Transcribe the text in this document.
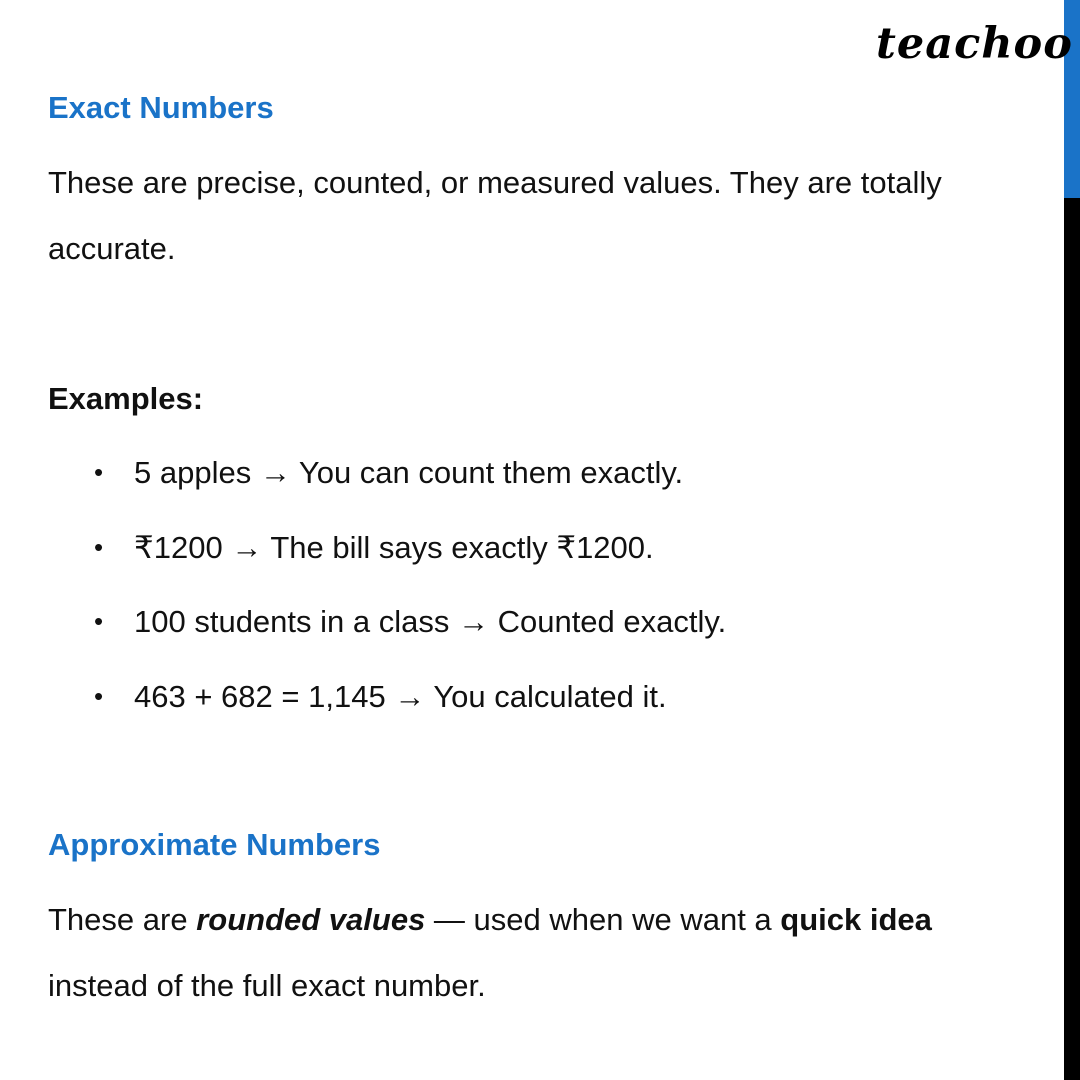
teachoo
Exact Numbers
These are precise, counted, or measured values. They are totally
accurate.
Examples:
• 5 apples → You can count them exactly.
• ₹1200 → The bill says exactly ₹1200.
• 100 students in a class → Counted exactly.
• 463 + 682 = 1,145 → You calculated it.
Approximate Numbers
These are rounded values — used when we want a quick idea
instead of the full exact number.
